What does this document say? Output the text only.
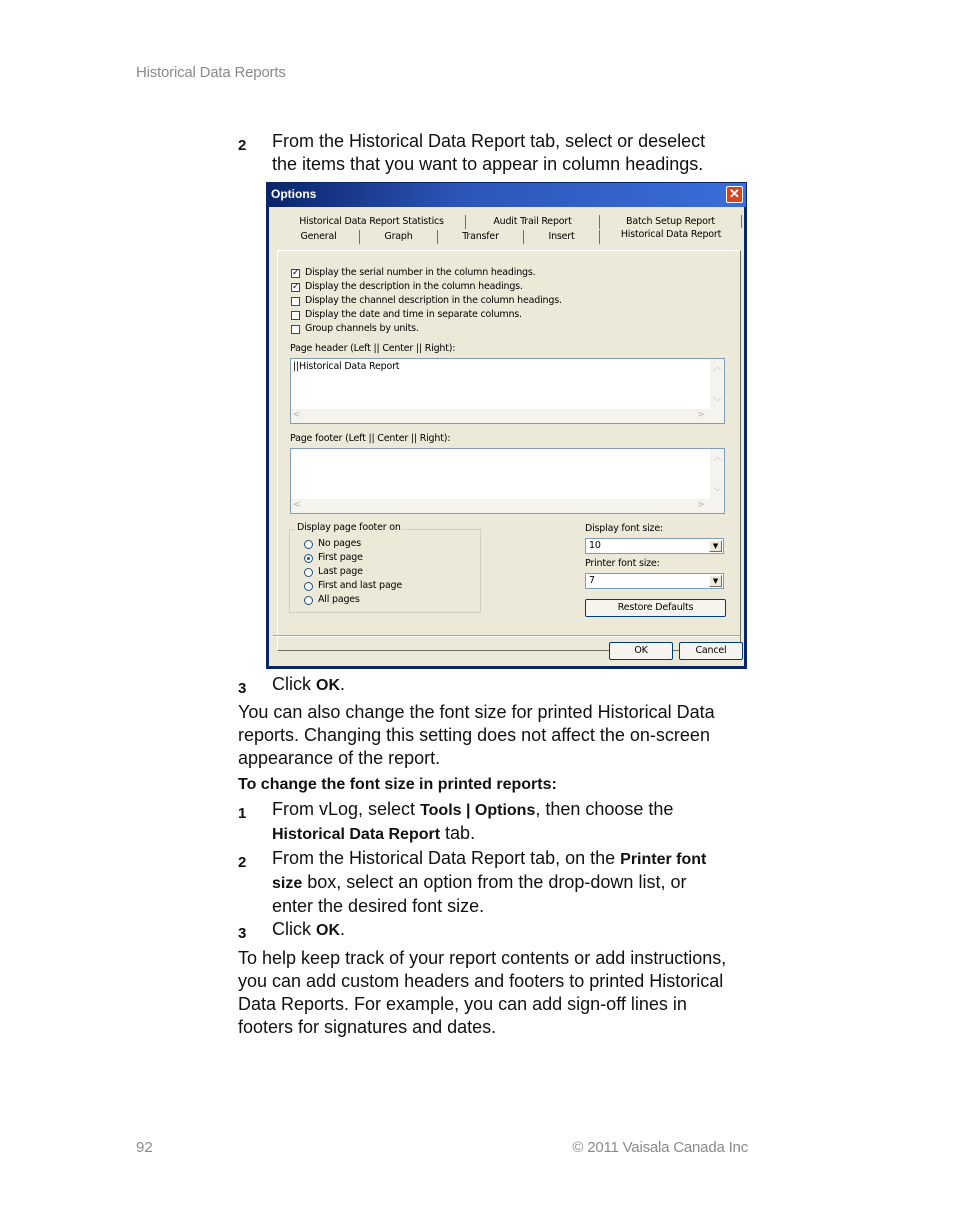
Historical Data Reports
2 From the Historical Data Report tab, select or deselect
the items that you want to appear in column headings.
Options	✕
Historical Data Report Statistics	Audit Trail Report	Batch Setup Report
General	Graph	Transfer	Insert	Historical Data Report
✓ Display the serial number in the column headings.
✓ Display the description in the column headings.
Display the channel description in the column headings.
Display the date and time in separate columns.
Group channels by units.
Page header (Left || Center || Right):
||Historical Data Report	︿
﹀
<	>
Page footer (Left || Center || Right):
︿
﹀
<	>
Display page footer on
No pages
First page
Last page
First and last page
All pages
Display font size:
10	▼
Printer font size:
7	▼
Restore Defaults
OK	Cancel
3 Click OK.
You can also change the font size for printed Historical Data
reports. Changing this setting does not affect the on-screen
appearance of the report.
To change the font size in printed reports:
1 From vLog, select Tools | Options, then choose the
Historical Data Report tab.
2 From the Historical Data Report tab, on the Printer font
size box, select an option from the drop-down list, or
enter the desired font size.
3 Click OK.
To help keep track of your report contents or add instructions,
you can add custom headers and footers to printed Historical
Data Reports. For example, you can add sign-off lines in
footers for signatures and dates.
92	© 2011 Vaisala Canada Inc
